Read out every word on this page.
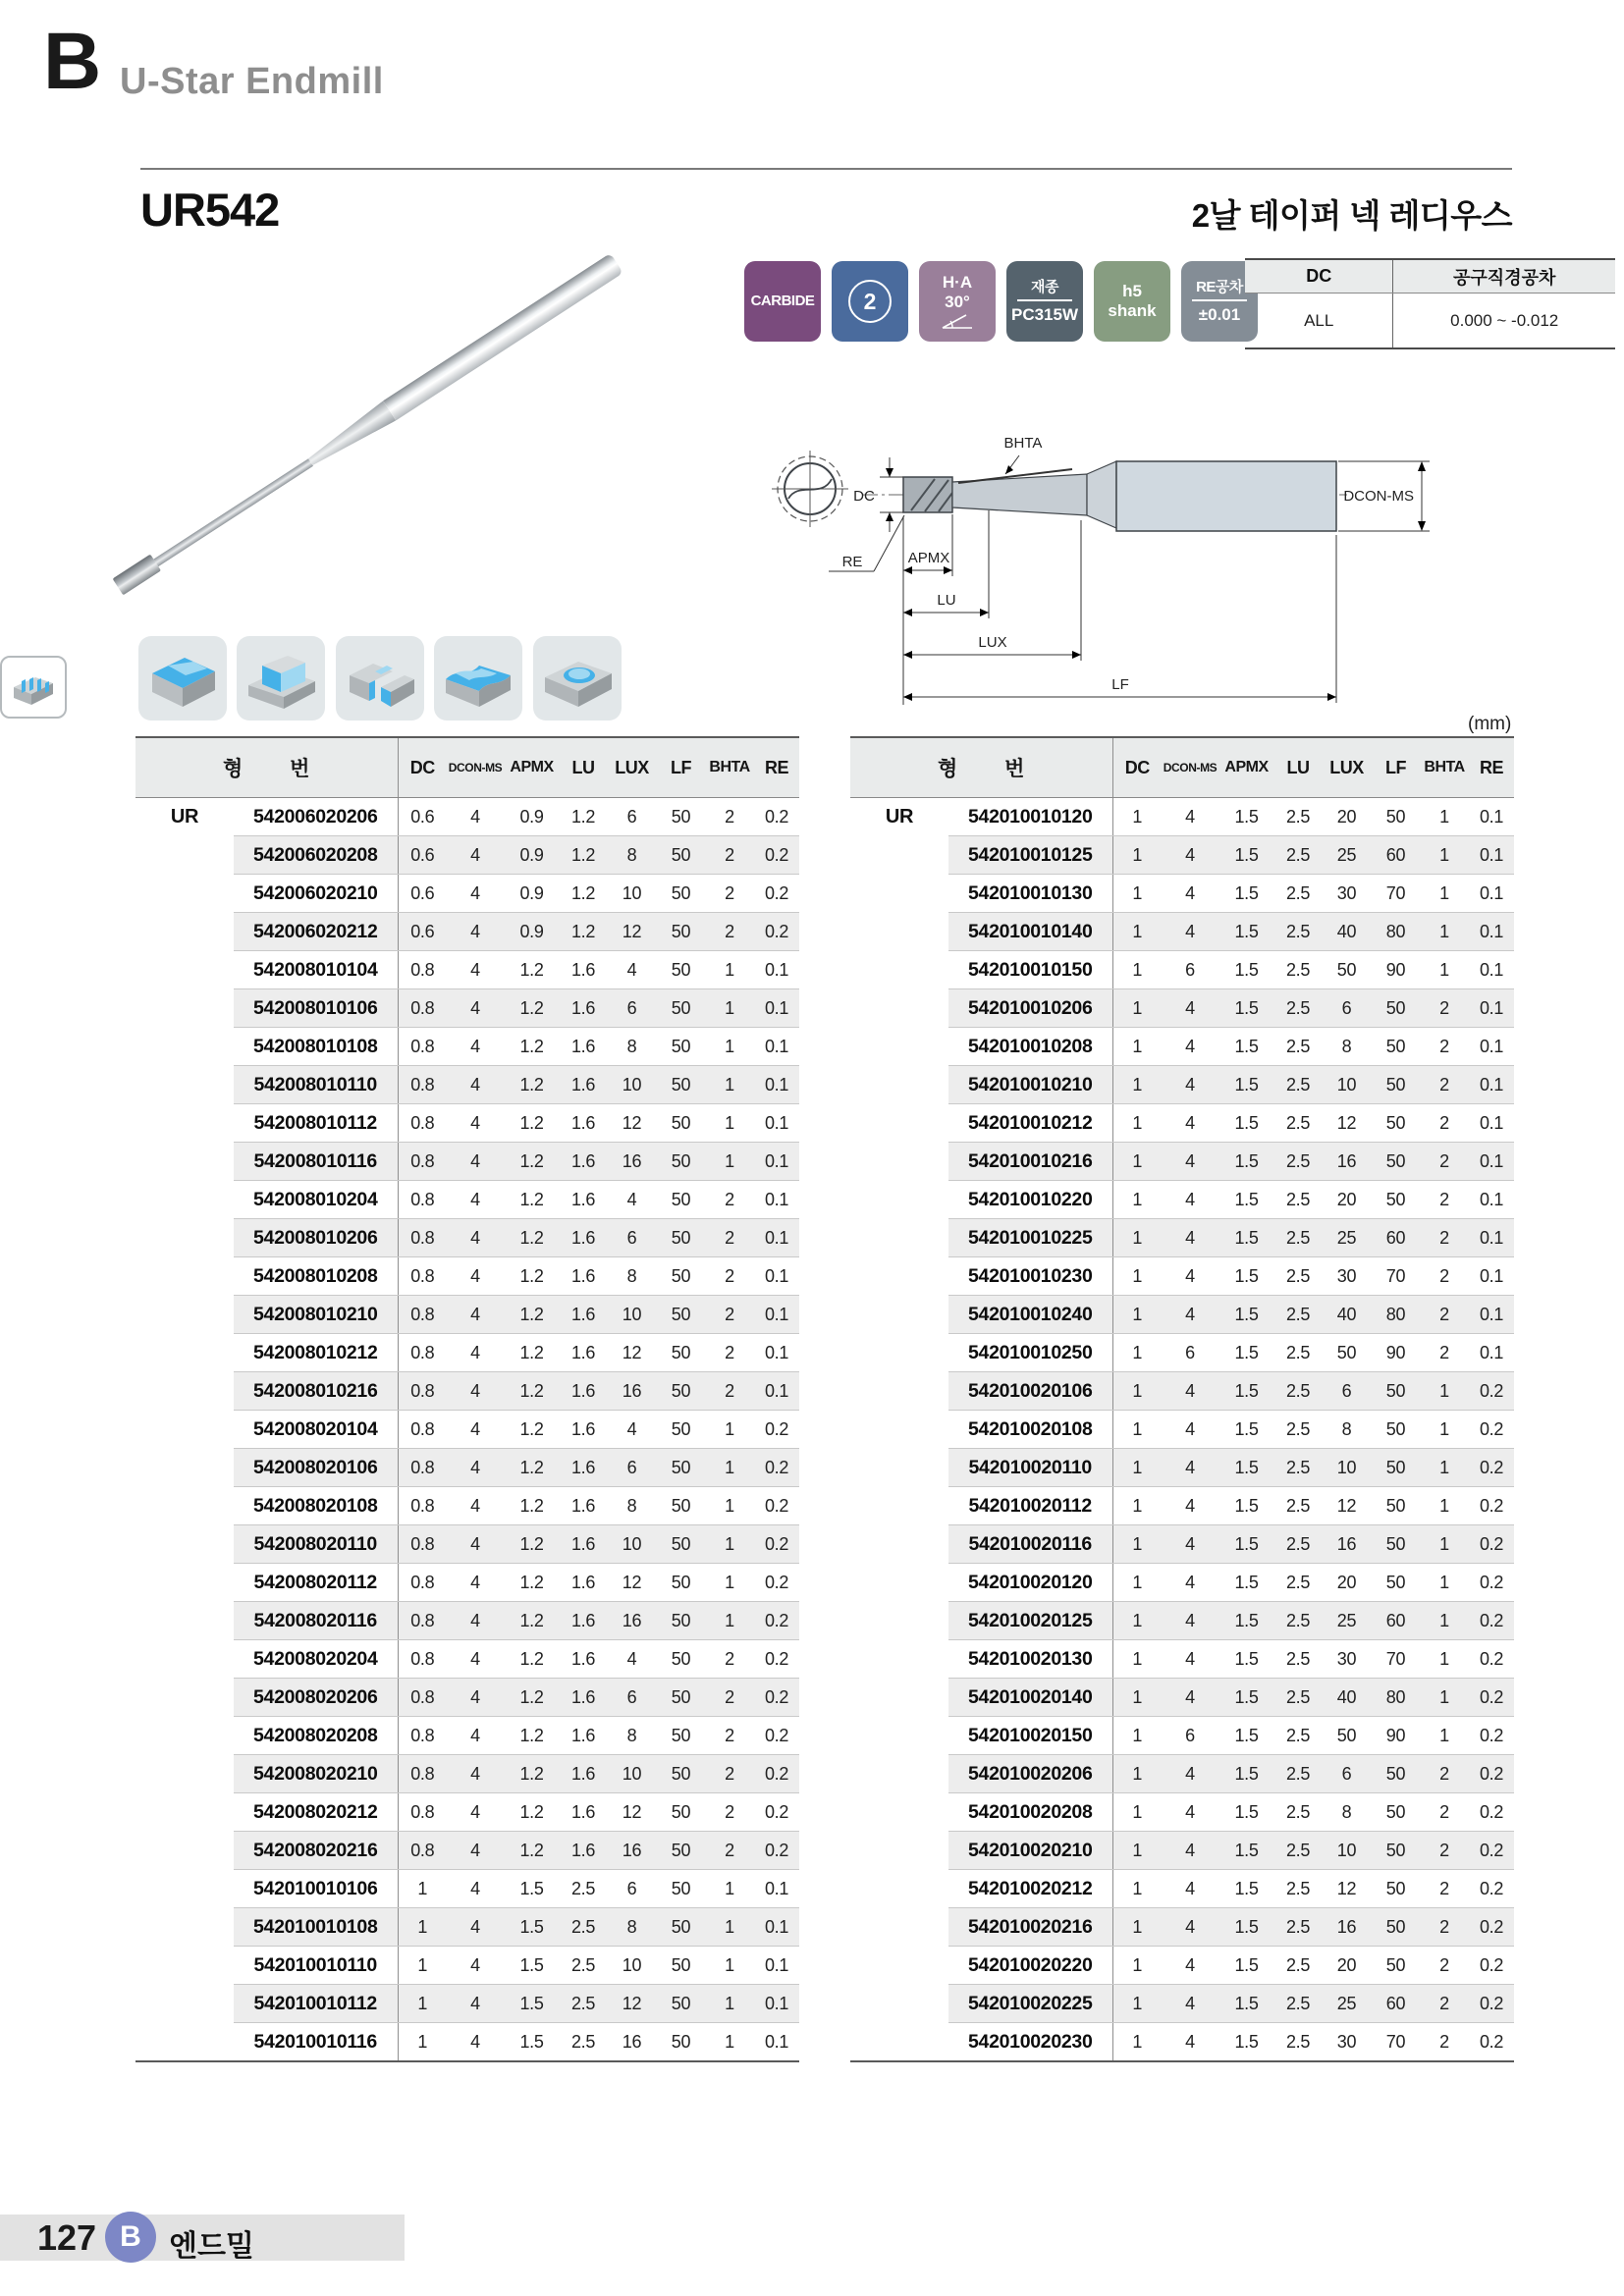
B U-Star Endmill
UR542	2날 테이퍼 넥 레디우스
CARBIDE	2
H·A
30°
재종
PC315W
h5
shank
RE공차
±0.01
DC	공구직경공차
ALL	0.000 ~ -0.012
BHTA
DC
RE	APMX
LU
LUX
LF
DCON-MS
(mm)
형 번		DC	DCON-MS	APMX	LU	LUX	LF	BHTA	RE
UR	542006020206	0.6	4	0.9	1.2	6	50	2	0.2
	542006020208	0.6	4	0.9	1.2	8	50	2	0.2
	542006020210	0.6	4	0.9	1.2	10	50	2	0.2
	542006020212	0.6	4	0.9	1.2	12	50	2	0.2
	542008010104	0.8	4	1.2	1.6	4	50	1	0.1
	542008010106	0.8	4	1.2	1.6	6	50	1	0.1
	542008010108	0.8	4	1.2	1.6	8	50	1	0.1
	542008010110	0.8	4	1.2	1.6	10	50	1	0.1
	542008010112	0.8	4	1.2	1.6	12	50	1	0.1
	542008010116	0.8	4	1.2	1.6	16	50	1	0.1
	542008010204	0.8	4	1.2	1.6	4	50	2	0.1
	542008010206	0.8	4	1.2	1.6	6	50	2	0.1
	542008010208	0.8	4	1.2	1.6	8	50	2	0.1
	542008010210	0.8	4	1.2	1.6	10	50	2	0.1
	542008010212	0.8	4	1.2	1.6	12	50	2	0.1
	542008010216	0.8	4	1.2	1.6	16	50	2	0.1
	542008020104	0.8	4	1.2	1.6	4	50	1	0.2
	542008020106	0.8	4	1.2	1.6	6	50	1	0.2
	542008020108	0.8	4	1.2	1.6	8	50	1	0.2
	542008020110	0.8	4	1.2	1.6	10	50	1	0.2
	542008020112	0.8	4	1.2	1.6	12	50	1	0.2
	542008020116	0.8	4	1.2	1.6	16	50	1	0.2
	542008020204	0.8	4	1.2	1.6	4	50	2	0.2
	542008020206	0.8	4	1.2	1.6	6	50	2	0.2
	542008020208	0.8	4	1.2	1.6	8	50	2	0.2
	542008020210	0.8	4	1.2	1.6	10	50	2	0.2
	542008020212	0.8	4	1.2	1.6	12	50	2	0.2
	542008020216	0.8	4	1.2	1.6	16	50	2	0.2
	542010010106	1	4	1.5	2.5	6	50	1	0.1
	542010010108	1	4	1.5	2.5	8	50	1	0.1
	542010010110	1	4	1.5	2.5	10	50	1	0.1
	542010010112	1	4	1.5	2.5	12	50	1	0.1
	542010010116	1	4	1.5	2.5	16	50	1	0.1
형 번		DC	DCON-MS	APMX	LU	LUX	LF	BHTA	RE
UR	542010010120	1	4	1.5	2.5	20	50	1	0.1
	542010010125	1	4	1.5	2.5	25	60	1	0.1
	542010010130	1	4	1.5	2.5	30	70	1	0.1
	542010010140	1	4	1.5	2.5	40	80	1	0.1
	542010010150	1	6	1.5	2.5	50	90	1	0.1
	542010010206	1	4	1.5	2.5	6	50	2	0.1
	542010010208	1	4	1.5	2.5	8	50	2	0.1
	542010010210	1	4	1.5	2.5	10	50	2	0.1
	542010010212	1	4	1.5	2.5	12	50	2	0.1
	542010010216	1	4	1.5	2.5	16	50	2	0.1
	542010010220	1	4	1.5	2.5	20	50	2	0.1
	542010010225	1	4	1.5	2.5	25	60	2	0.1
	542010010230	1	4	1.5	2.5	30	70	2	0.1
	542010010240	1	4	1.5	2.5	40	80	2	0.1
	542010010250	1	6	1.5	2.5	50	90	2	0.1
	542010020106	1	4	1.5	2.5	6	50	1	0.2
	542010020108	1	4	1.5	2.5	8	50	1	0.2
	542010020110	1	4	1.5	2.5	10	50	1	0.2
	542010020112	1	4	1.5	2.5	12	50	1	0.2
	542010020116	1	4	1.5	2.5	16	50	1	0.2
	542010020120	1	4	1.5	2.5	20	50	1	0.2
	542010020125	1	4	1.5	2.5	25	60	1	0.2
	542010020130	1	4	1.5	2.5	30	70	1	0.2
	542010020140	1	4	1.5	2.5	40	80	1	0.2
	542010020150	1	6	1.5	2.5	50	90	1	0.2
	542010020206	1	4	1.5	2.5	6	50	2	0.2
	542010020208	1	4	1.5	2.5	8	50	2	0.2
	542010020210	1	4	1.5	2.5	10	50	2	0.2
	542010020212	1	4	1.5	2.5	12	50	2	0.2
	542010020216	1	4	1.5	2.5	16	50	2	0.2
	542010020220	1	4	1.5	2.5	20	50	2	0.2
	542010020225	1	4	1.5	2.5	25	60	2	0.2
	542010020230	1	4	1.5	2.5	30	70	2	0.2
127 B 엔드밀
